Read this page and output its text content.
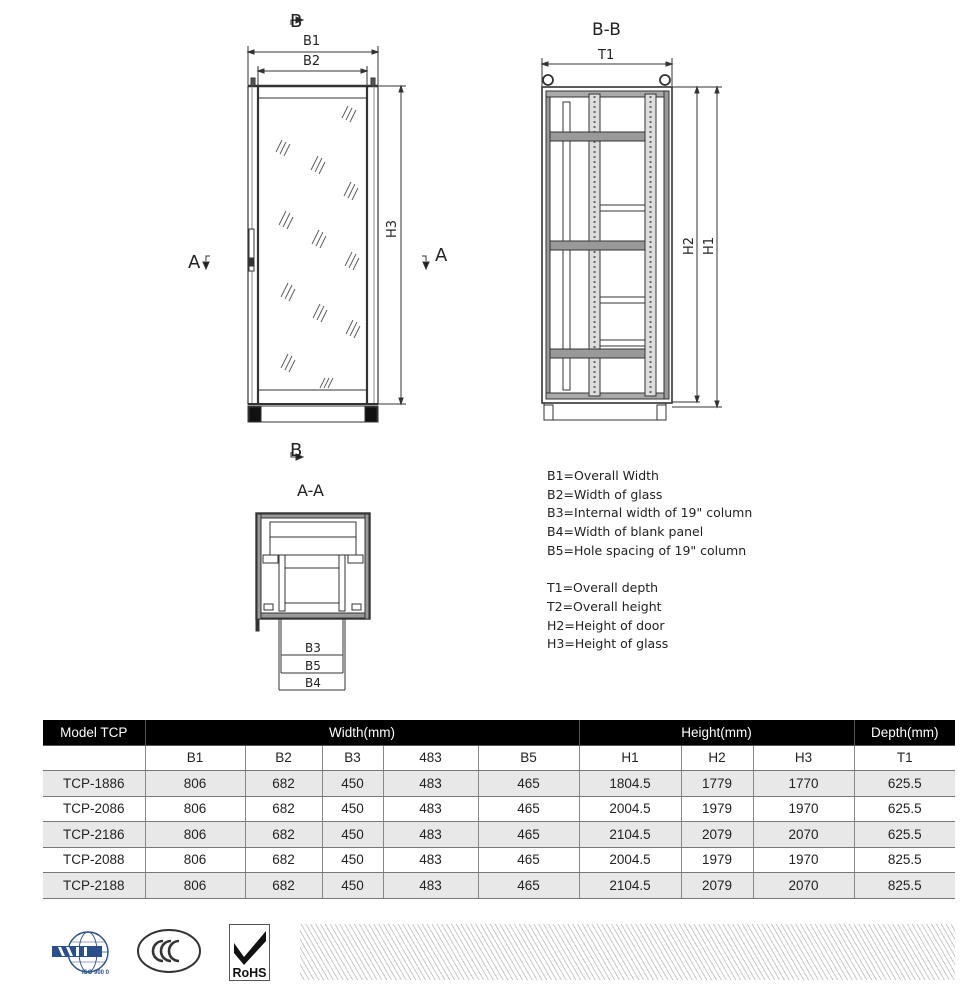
B
B
A	A
B1
B2
H3
B-B
T1
H2 H1
A-A
B3
B5
B4
B1=Overall Width
B2=Width of glass
B3=Internal width of 19" column
B4=Width of blank panel
B5=Hole spacing of 19" column
T1=Overall depth
T2=Overall height
H2=Height of door
H3=Height of glass
Model TCP	Width(mm)					Height(mm)			Depth(mm)
	B1	B2	B3	483	B5	H1	H2	H3	T1
TCP-1886	806	682	450	483	465	1804.5	1779	1770	625.5
TCP-2086	806	682	450	483	465	2004.5	1979	1970	625.5
TCP-2186	806	682	450	483	465	2104.5	2079	2070	625.5
TCP-2088	806	682	450	483	465	2004.5	1979	1970	825.5
TCP-2188	806	682	450	483	465	2104.5	2079	2070	825.5
ISO 900 0	RoHS
